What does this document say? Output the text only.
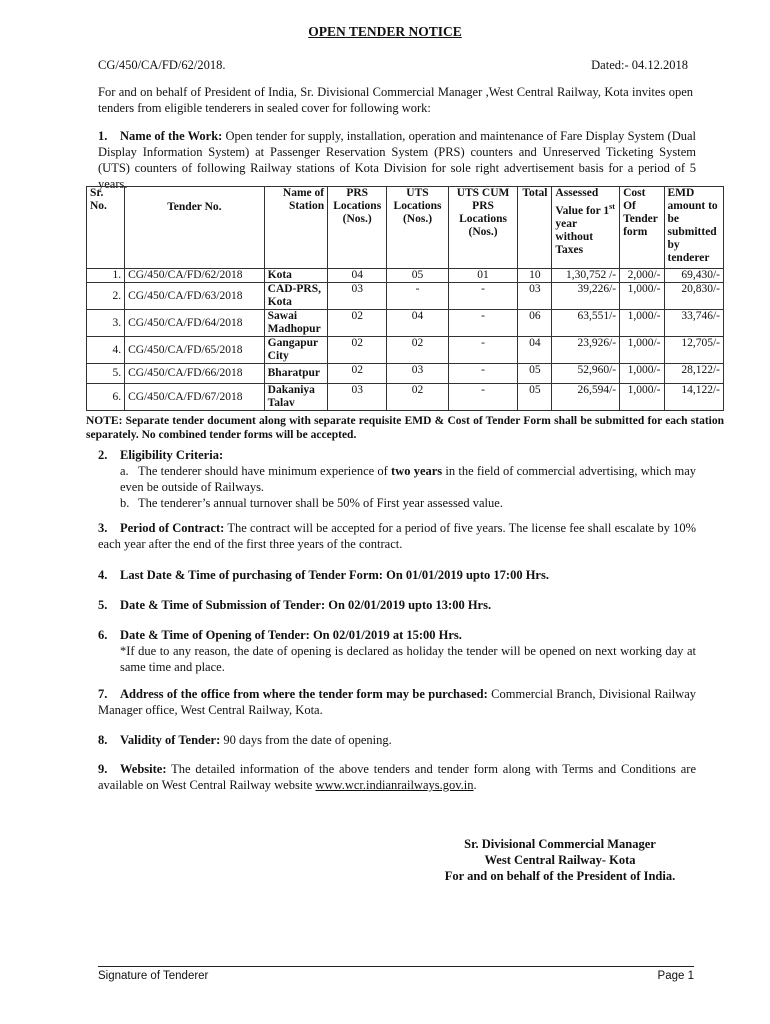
OPEN TENDER NOTICE
CG/450/CA/FD/62/2018.	Dated:- 04.12.2018
For and on behalf of President of India, Sr. Divisional Commercial Manager ,West Central Railway, Kota invites open tenders from eligible tenderers in sealed cover for following work:
1. Name of the Work: Open tender for supply, installation, operation and maintenance of Fare Display System (Dual Display Information System) at Passenger Reservation System (PRS) counters and Unreserved Ticketing System (UTS) counters of following Railway stations of Kota Division for sole right advertisement basis for a period of 5 years.
Sr. No.	Tender No.	Name of Station	PRS Locations (Nos.)	UTS Locations (Nos.)	UTS CUM PRS Locations (Nos.)	Total	Assessed Value for 1st year without Taxes	Cost Of Tender form	EMD amount to be submitted by tenderer
1.	CG/450/CA/FD/62/2018	Kota	04	05	01	10	1,30,752 /-	2,000/-	69,430/-
2.	CG/450/CA/FD/63/2018	CAD-PRS, Kota	03	-	-	03	39,226/-	1,000/-	20,830/-
3.	CG/450/CA/FD/64/2018	Sawai Madhopur	02	04	-	06	63,551/-	1,000/-	33,746/-
4.	CG/450/CA/FD/65/2018	Gangapur City	02	02	-	04	23,926/-	1,000/-	12,705/-
5.	CG/450/CA/FD/66/2018	Bharatpur	02	03	-	05	52,960/-	1,000/-	28,122/-
6.	CG/450/CA/FD/67/2018	Dakaniya Talav	03	02	-	05	26,594/-	1,000/-	14,122/-
NOTE: Separate tender document along with separate requisite EMD & Cost of Tender Form shall be submitted for each station separately. No combined tender forms will be accepted.
2. Eligibility Criteria:
a. The tenderer should have minimum experience of two years in the field of commercial advertising, which may even be outside of Railways.
b. The tenderer’s annual turnover shall be 50% of First year assessed value.
3. Period of Contract: The contract will be accepted for a period of five years. The license fee shall escalate by 10% each year after the end of the first three years of the contract.
4. Last Date & Time of purchasing of Tender Form: On 01/01/2019 upto 17:00 Hrs.
5. Date & Time of Submission of Tender: On 02/01/2019 upto 13:00 Hrs.
6. Date & Time of Opening of Tender: On 02/01/2019 at 15:00 Hrs.
*If due to any reason, the date of opening is declared as holiday the tender will be opened on next working day at same time and place.
7. Address of the office from where the tender form may be purchased: Commercial Branch, Divisional Railway Manager office, West Central Railway, Kota.
8. Validity of Tender: 90 days from the date of opening.
9. Website: The detailed information of the above tenders and tender form along with Terms and Conditions are available on West Central Railway website www.wcr.indianrailways.gov.in.
Sr. Divisional Commercial Manager
West Central Railway- Kota
For and on behalf of the President of India.
Signature of Tenderer	Page 1
